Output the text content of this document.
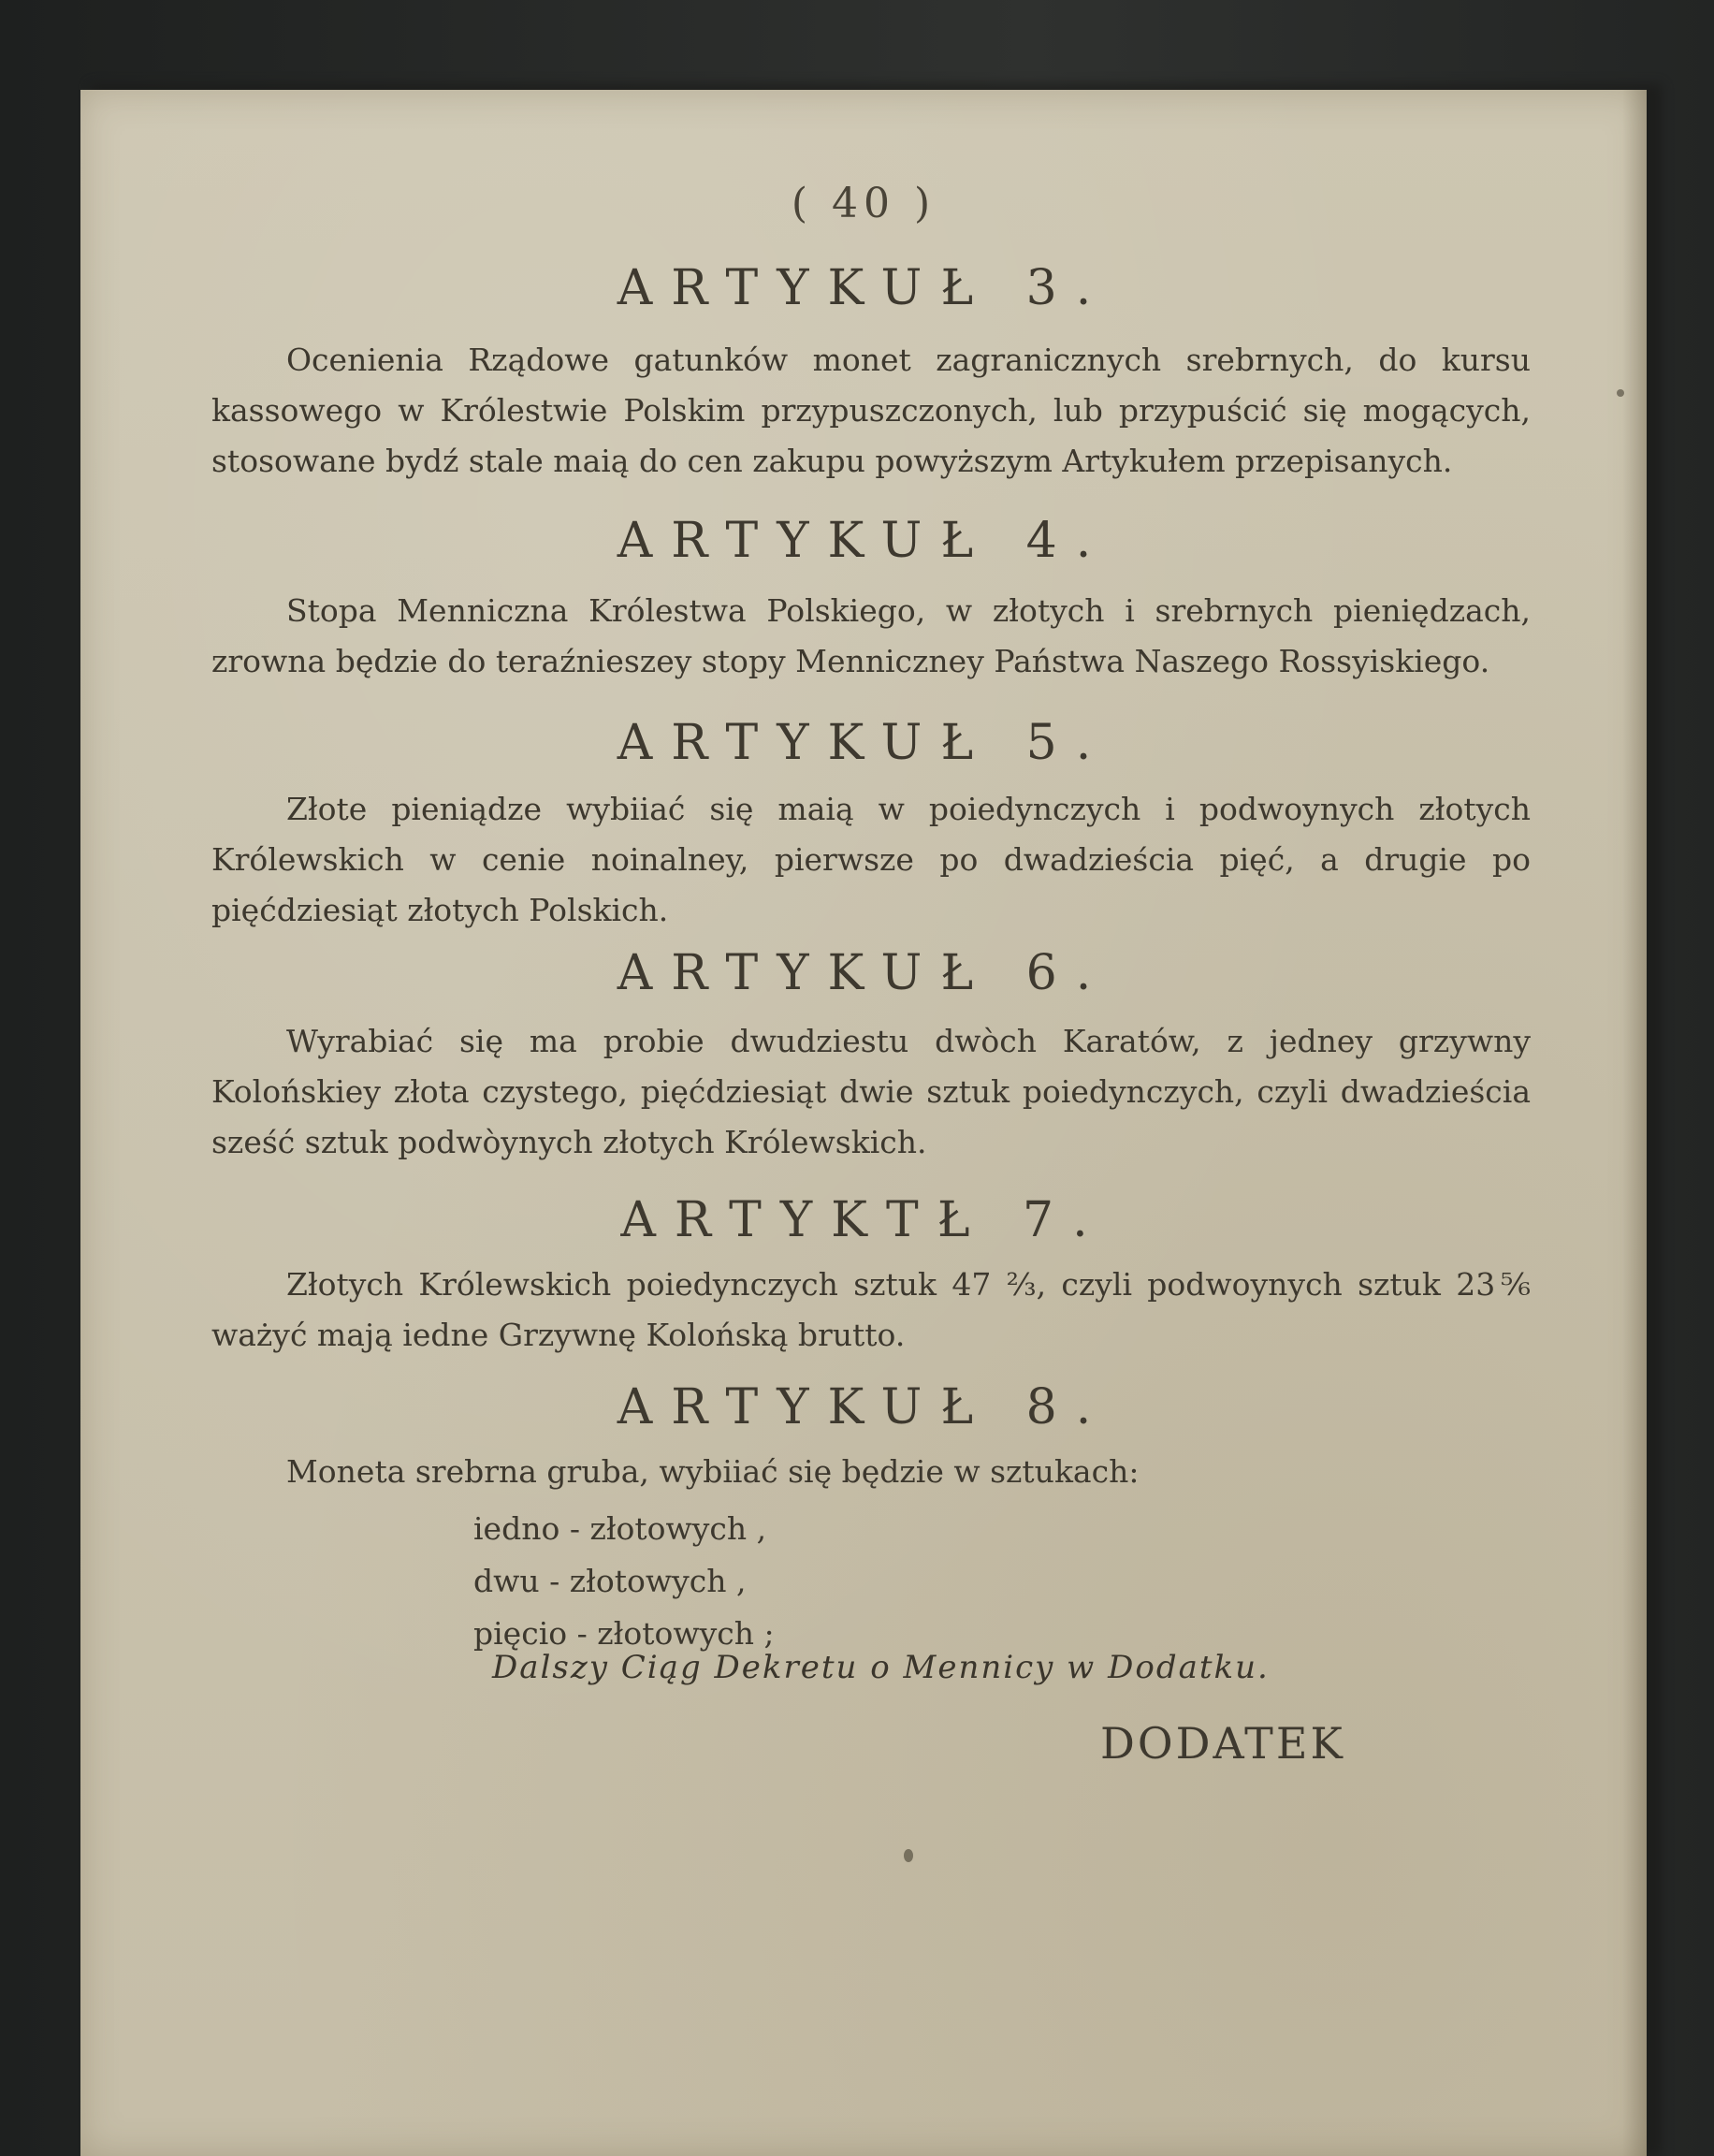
( 40 )
ARTYKUŁ 3.
Ocenienia Rządowe gatunków monet zagranicznych srebrnych, do kursu kassowego w Królestwie Polskim przypuszczonych, lub przypuścić się mogących, stosowane bydź stale maią do cen zakupu powyższym Artykułem przepisanych.
ARTYKUŁ 4.
Stopa Menniczna Królestwa Polskiego, w złotych i srebrnych pieniędzach, zrowna będzie do teraźnieszey stopy Menniczney Państwa Naszego Rossyiskiego.
ARTYKUŁ 5.
Złote pieniądze wybiiać się maią w poiedynczych i podwoynych złotych Królewskich w cenie noinalney, pierwsze po dwadzieścia pięć, a drugie po pięćdziesiąt złotych Polskich.
ARTYKUŁ 6.
Wyrabiać się ma probie dwudziestu dwòch Karatów, z jedney grzywny Kolońskiey złota czystego, pięćdziesiąt dwie sztuk poiedynczych, czyli dwadzieścia sześć sztuk podwòynych złotych Królewskich.
ARTYKTŁ 7.
Złotych Królewskich poiedynczych sztuk 47 ⅔, czyli podwoynych sztuk 23⅚ ważyć mają iedne Grzywnę Kolońską brutto.
ARTYKUŁ 8.
Moneta srebrna gruba, wybiiać się będzie w sztukach:
iedno - złotowych ,
dwu - złotowych ,
pięcio - złotowych ;
Dalszy Ciąg Dekretu o Mennicy w Dodatku.
DODATEK
